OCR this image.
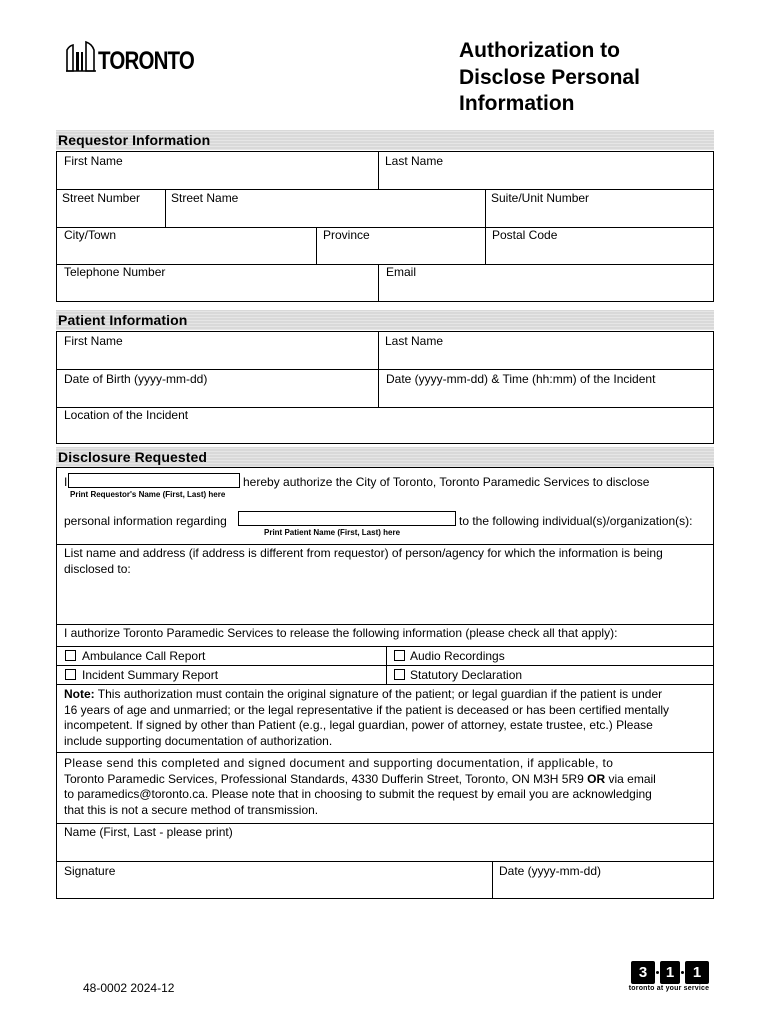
TORONTO	Authorization to
Disclose Personal
Information
Requestor Information
First Name	Last Name
Street Number	Street Name	Suite/Unit Number
City/Town	Province	Postal Code
Telephone Number	Email
Patient Information
First Name	Last Name
Date of Birth (yyyy-mm-dd)	Date (yyyy-mm-dd) & Time (hh:mm) of the Incident
Location of the Incident
Disclosure Requested
I	hereby authorize the City of Toronto, Toronto Paramedic Services to disclose
Print Requestor's Name (First, Last) here
personal information regarding	to the following individual(s)/organization(s):
Print Patient Name (First, Last) here
List name and address (if address is different from requestor) of person/agency for which the information is being
disclosed to:
I authorize Toronto Paramedic Services to release the following information (please check all that apply):
Ambulance Call Report	Audio Recordings
Incident Summary Report	Statutory Declaration
Note: This authorization must contain the original signature of the patient; or legal guardian if the patient is under
16 years of age and unmarried; or the legal representative if the patient is deceased or has been certified mentally
incompetent. If signed by other than Patient (e.g., legal guardian, power of attorney, estate trustee, etc.) Please
include supporting documentation of authorization.
Please send this completed and signed document and supporting documentation, if applicable, to
Toronto Paramedic Services, Professional Standards, 4330 Dufferin Street, Toronto, ON M3H 5R9 OR via email
to paramedics@toronto.ca. Please note that in choosing to submit the request by email you are acknowledging
that this is not a secure method of transmission.
Name (First, Last - please print)
Signature	Date (yyyy-mm-dd)
48-0002 2024-12
3	1	1
toronto at your service
